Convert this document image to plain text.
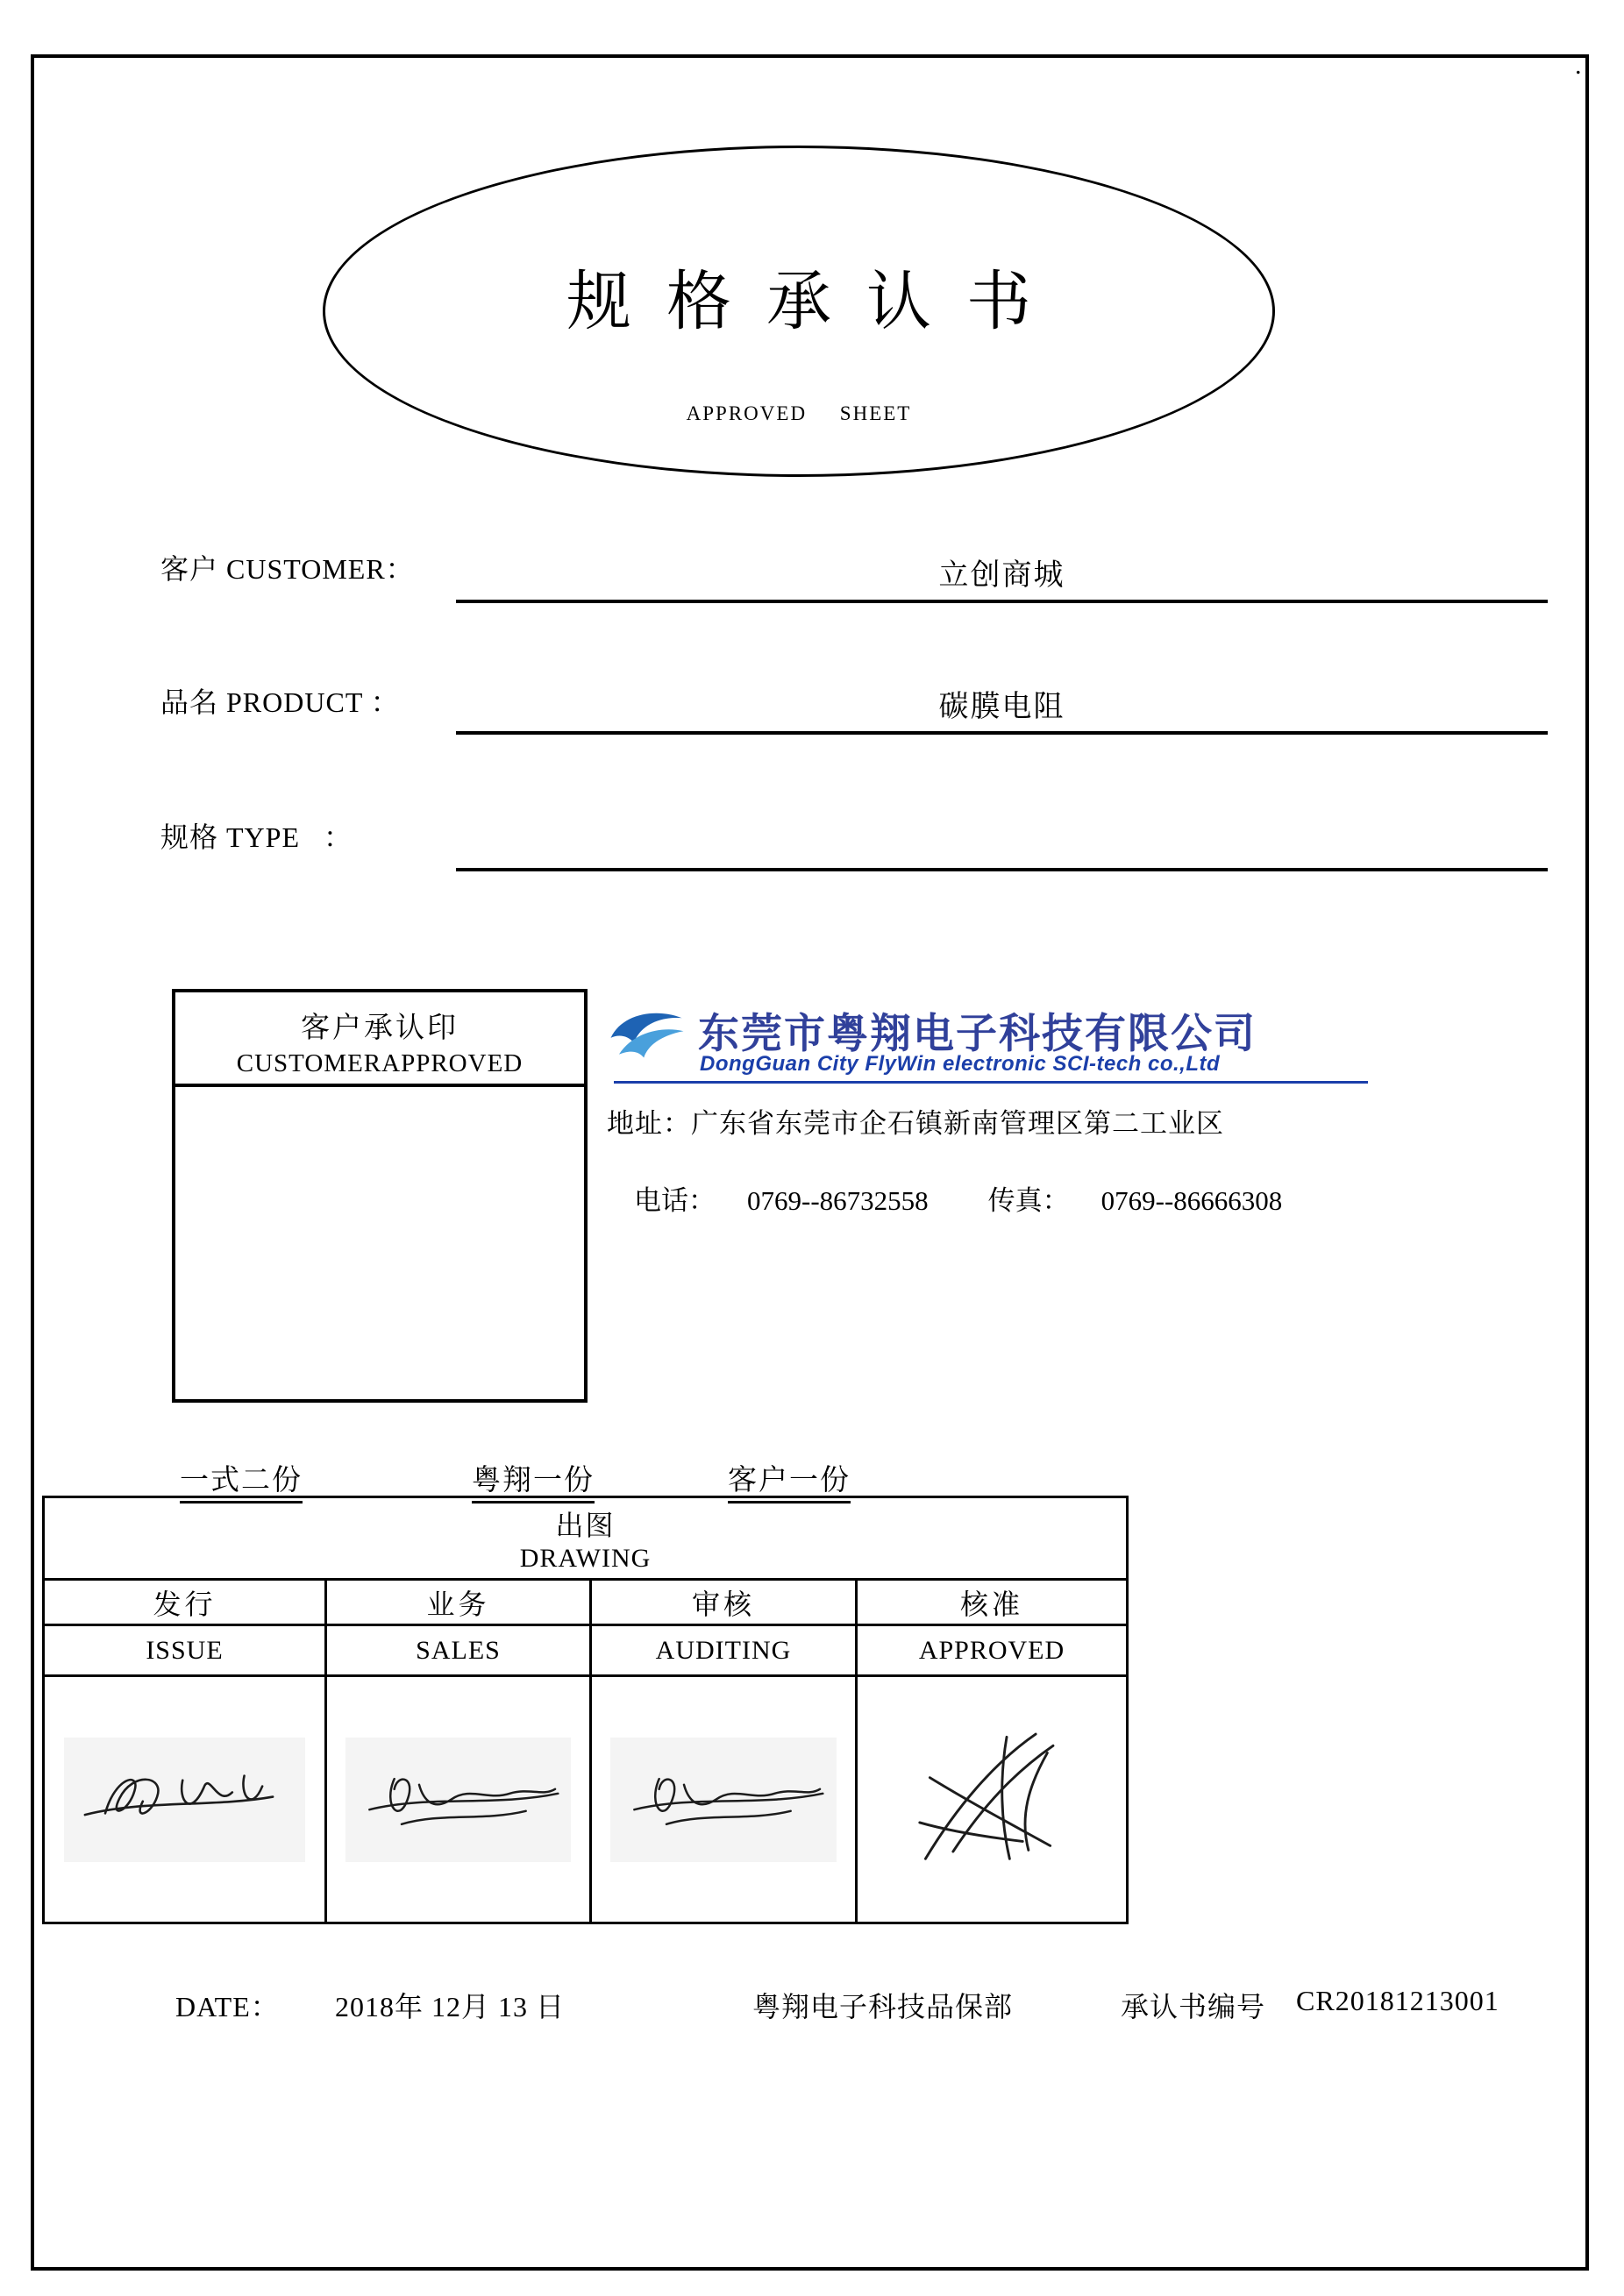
.
规格承认书
APPROVED SHEET
客户 CUSTOMER：	立创商城
品名 PRODUCT ：	碳膜电阻
规格 TYPE   ：
客户承认印
CUSTOMERAPPROVED
东莞市粤翔电子科技有限公司
DongGuan City FlyWin electronic SCI-tech co.,Ltd
地址：广东省东莞市企石镇新南管理区第二工业区

电话： 0769--86732558 传真： 0769--86666308

一式二份	粤翔一份	客户一份
出图
DRAWING			

发行	业务	审核	核准
ISSUE	SALES	AUDITING	APPROVED

DATE： 2018年 12月 13 日	粤翔电子科技品保部	承认书编号 CR20181213001
